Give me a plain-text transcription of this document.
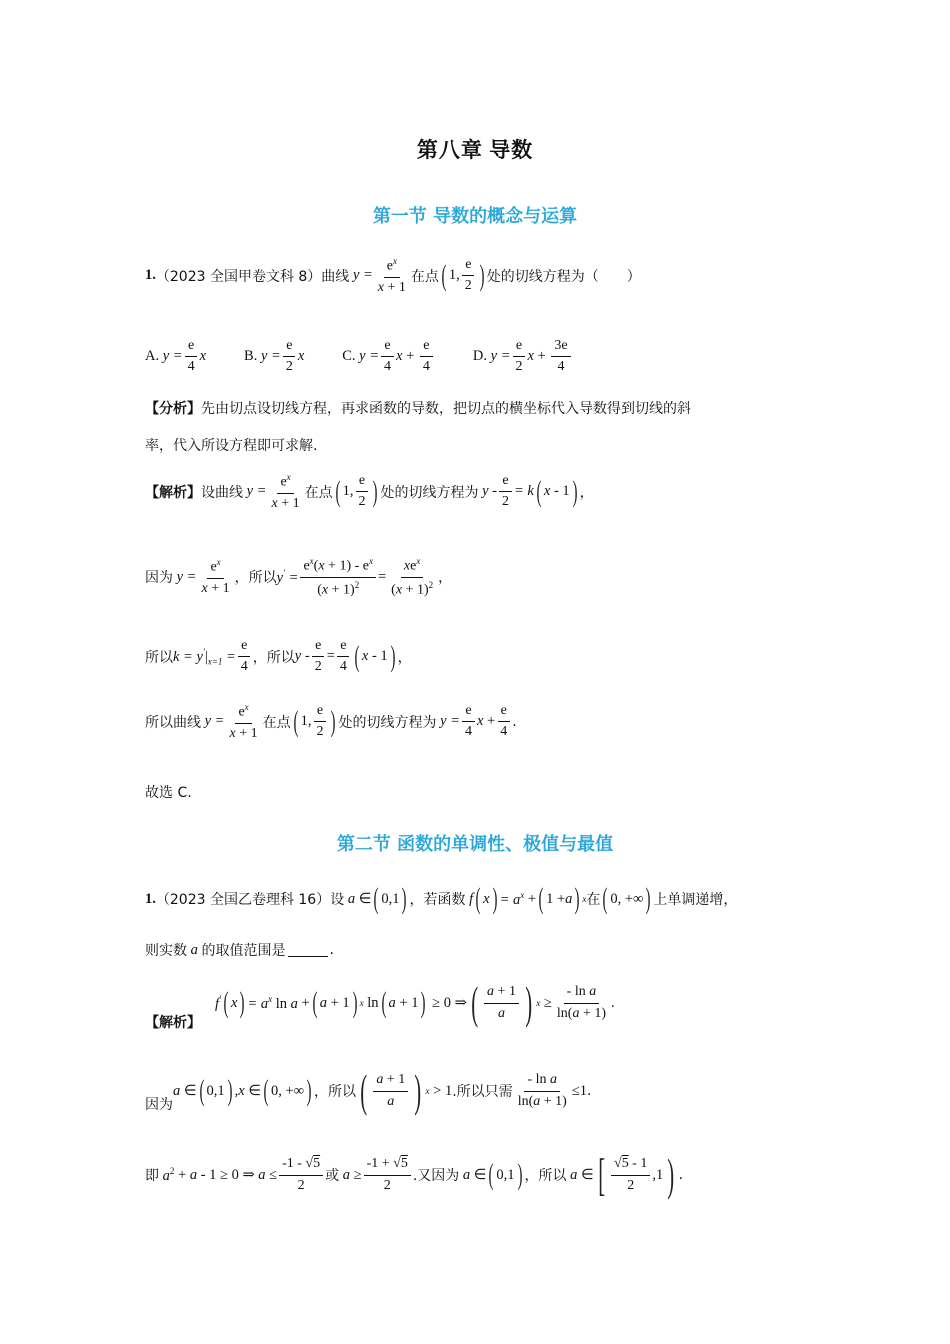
第八章 导数
第一节 导数的概念与运算
1. （2023 全国甲卷文科 8）曲线 $y = \frac{e^x}{x + 1}$ 在点 ( 1, $\frac{e}{2}$ ) 处的切线方程为（　　）
A. $y = \frac{e}{4}$ x	B. $y = \frac{e}{2}$ x	C. $y = \frac{e}{4}$ $x + \frac{e}{4}$	D. $y = \frac{e}{2}$ $x + \frac{3e}{4}$
【分析】 先由切点设切线方程，再求函数的导数，把切点的横坐标代入导数得到切线的斜
率，代入所设方程即可求解.
【解析】 设曲线 $y = \frac{e^x}{x + 1}$ 在点 ( 1, $\frac{e}{2}$ ) 处的切线方程为 $y - \frac{e}{2} = k$ ( x - 1 ) ，
因为 $y = \frac{e^x}{x + 1}$ ，所以 $y' = \frac{e^x(x + 1) - e^x}{(x + 1)^2} = \frac{xe^x}{(x + 1)^2}$ ，
所以 $k = y'|_{x=1} = \frac{e}{4}$ ，所以 $y - \frac{e}{2} = \frac{e}{4}$ ( x - 1 ) ，
所以曲线 $y = \frac{e^x}{x + 1}$ 在点 ( 1, $\frac{e}{2}$ ) 处的切线方程为 $y = \frac{e}{4}$ $x + \frac{e}{4}$ .
故选 C.
第二节 函数的单调性、极值与最值
1. （2023 全国乙卷理科 16）设 a ∈ ( 0,1 ) ，若函数 f ( x ) = $a^x$ + ( 1 + a ) x 在 ( 0, +∞ ) 上单调递增，
则实数 a 的取值范围是	.
f′ ( x ) = $a^x$ ln a + ( a + 1 ) x ln ( a + 1 ) ≥ 0 ⇒ ( $\frac{a + 1}{a}$ ) $x \ge \frac{\text{- ln a}}{\ln(a + 1)}$ .
【解析】
因为
a ∈ ( 0,1 ) , x ∈ ( 0, +∞ ) ，所以 ( $\frac{a + 1}{a}$ ) x > 1 .所以只需 $\frac{\text{- ln a}}{\ln(a + 1)} \le 1$ .
即 $a^2 + a - 1 \ge 0$ ⇒ $a \le \frac{-1 - √5}{2}$ 或 $a \ge \frac{-1 + √5}{2}$ .又因为 a ∈ ( 0,1 ) ，所以 a ∈ [ $\frac{√5 - 1}{2} ,1$ ) .
